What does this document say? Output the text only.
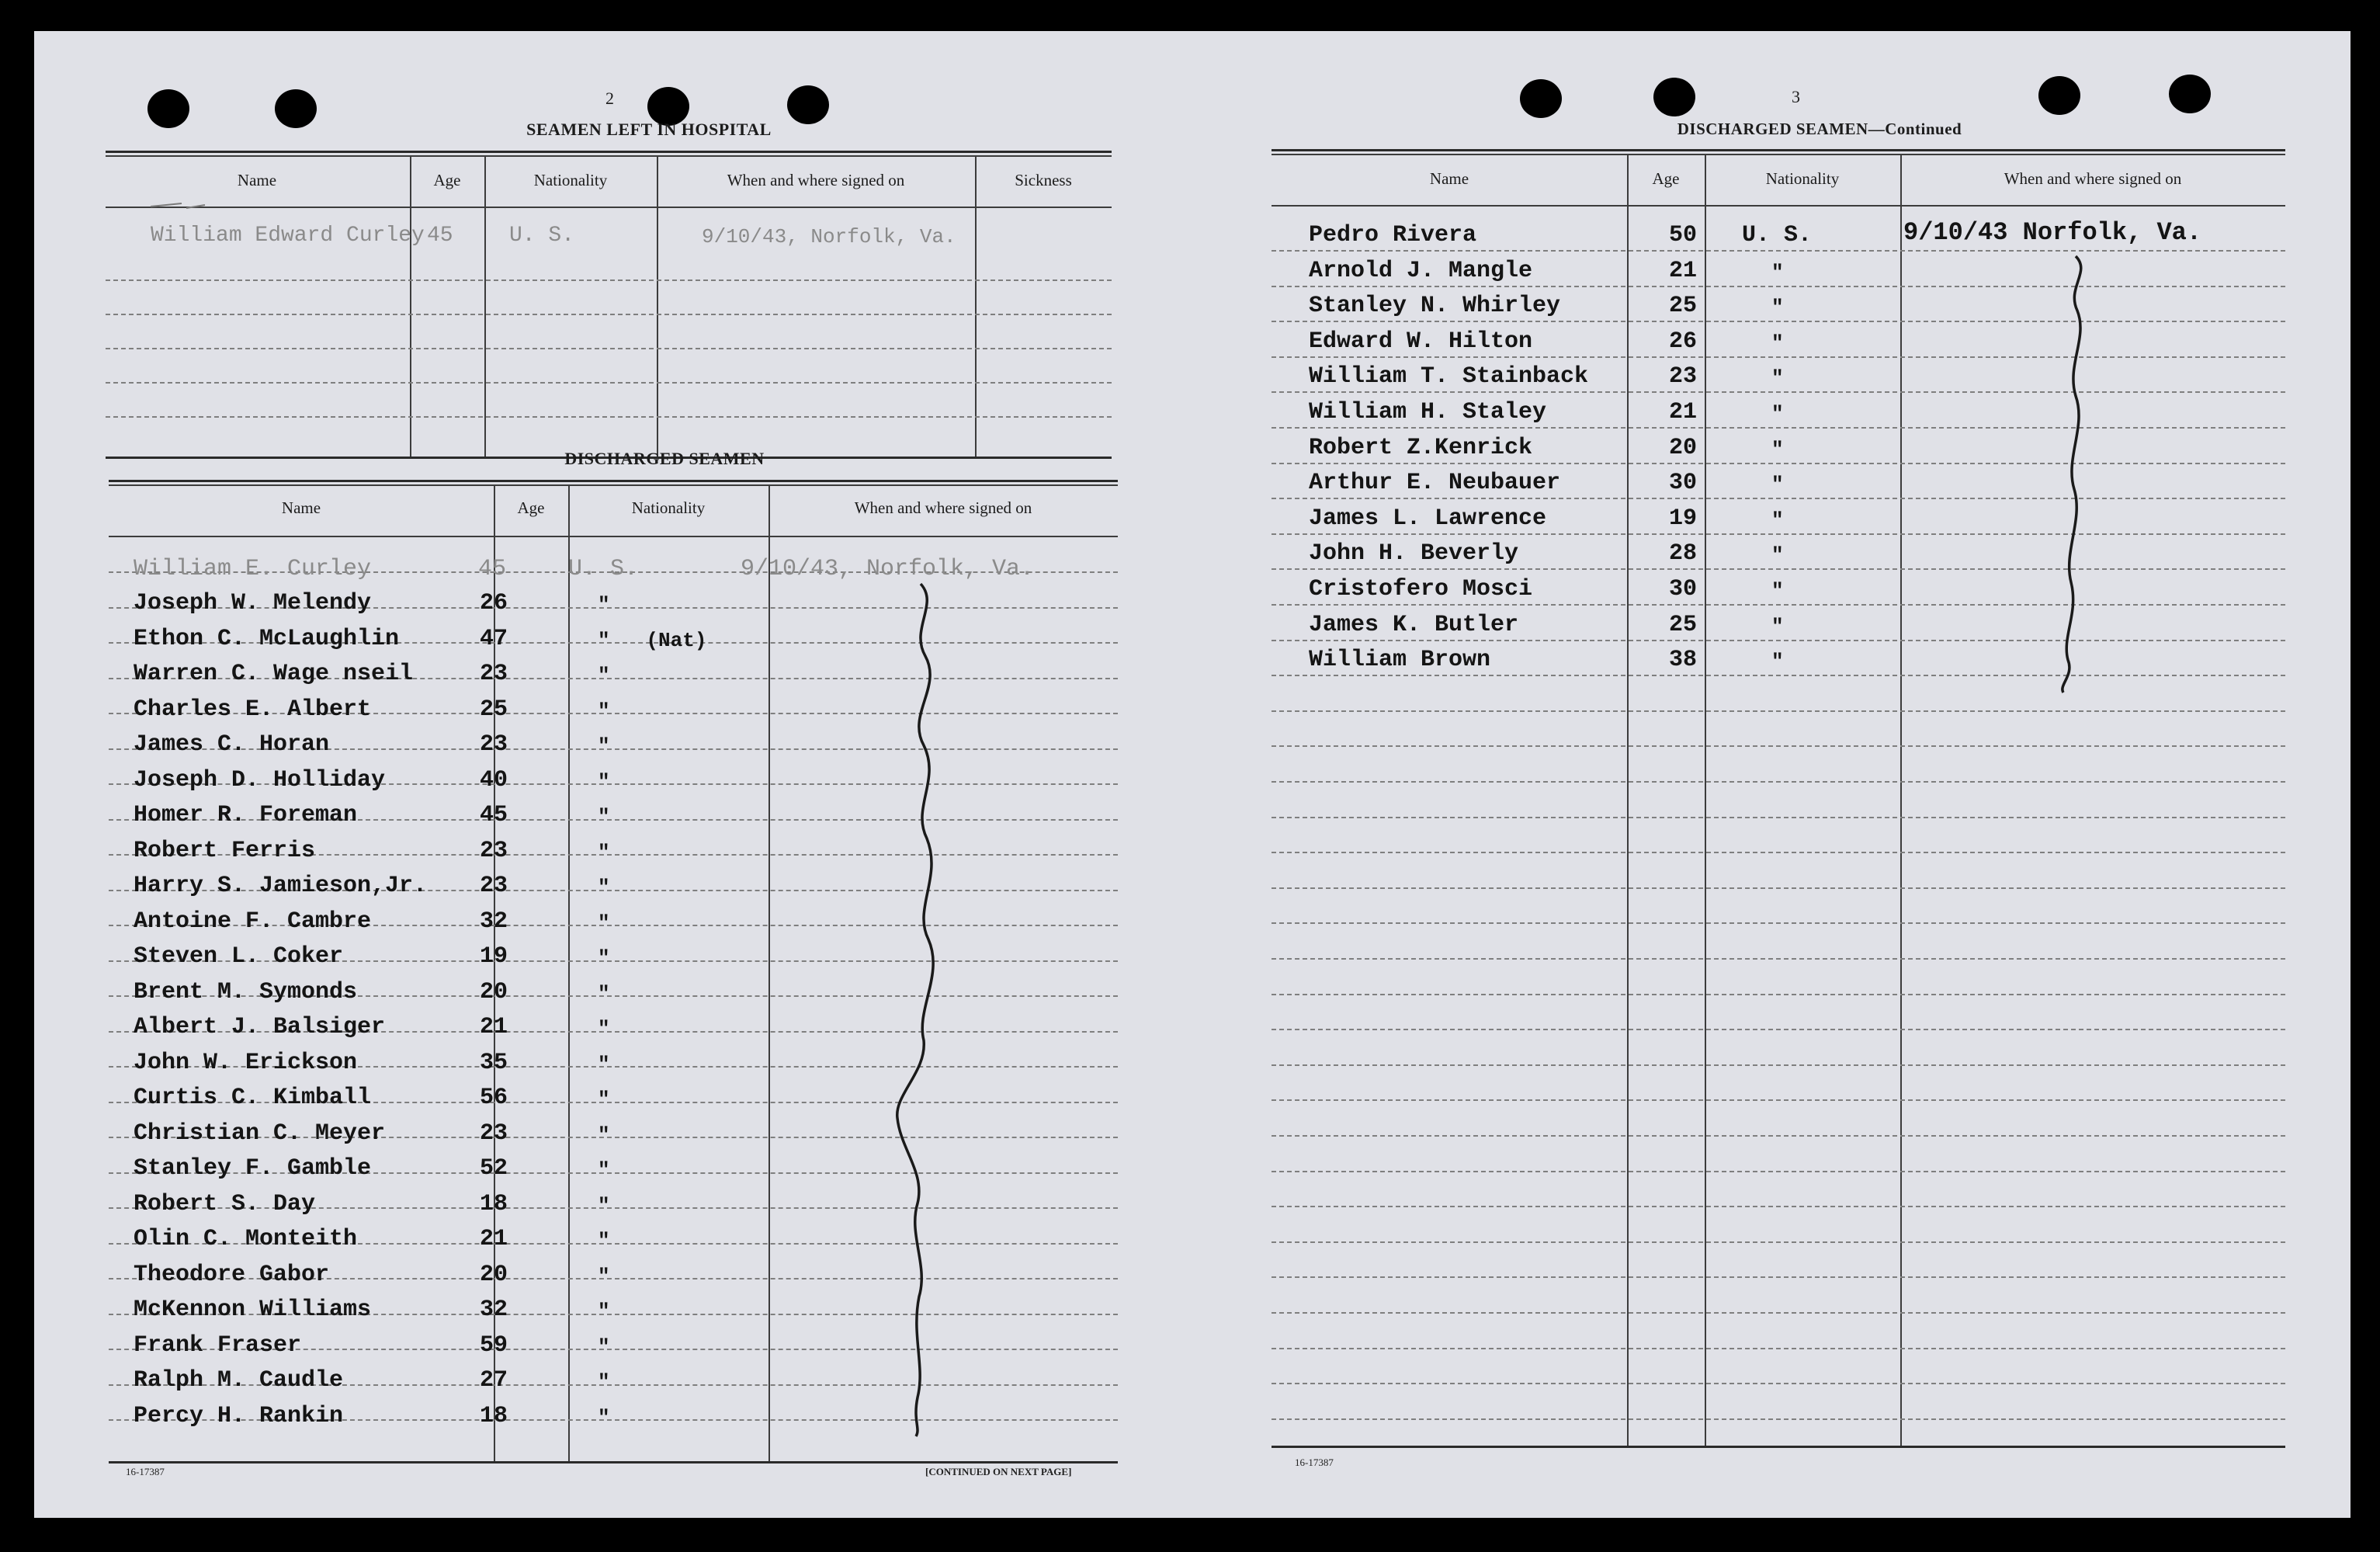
2
SEAMEN LEFT IN HOSPITAL
Name	Age	Nationality	When and where signed on	Sickness
William Edward Curley 45	U. S.	9/10/43, Norfolk, Va.
DISCHARGED SEAMEN
Name	Age	Nationality	When and where signed on
William E. Curley	45	U. S.	9/10/43, Norfolk, Va.
Joseph W. Melendy	26	"
Ethon C. McLaughlin	47	"   (Nat)
Warren C. Wage nseil	23	"
Charles E. Albert	25	"
James C. Horan	23	"
Joseph D. Holliday	40	"
Homer R. Foreman	45	"
Robert Ferris	23	"
Harry S. Jamieson,Jr. 23	"
Antoine F. Cambre	32	"
Steven L. Coker	19	"
Brent M. Symonds	20	"
Albert J. Balsiger	21	"
John W. Erickson	35	"
Curtis C. Kimball	56	"
Christian C. Meyer	23	"
Stanley F. Gamble	52	"
Robert S. Day	18	"
Olin C. Monteith	21	"
Theodore Gabor	20	"
McKennon Williams	32	"
Frank Fraser	59	"
Ralph M. Caudle	27	"
Percy H. Rankin	18	"
16-17387	[CONTINUED ON NEXT PAGE]
3
DISCHARGED SEAMEN—Continued
Name	Age	Nationality	When and where signed on
Pedro Rivera	50 U. S.	9/10/43 Norfolk, Va.
Arnold J. Mangle	21	"
Stanley N. Whirley	25	"
Edward W. Hilton	26	"
William T. Stainback	23	"
William H. Staley	21	"
Robert Z.Kenrick	20	"
Arthur E. Neubauer	30	"
James L. Lawrence	19	"
John H. Beverly	28	"
Cristofero Mosci	30	"
James K. Butler	25	"
William Brown	38	"
16-17387
